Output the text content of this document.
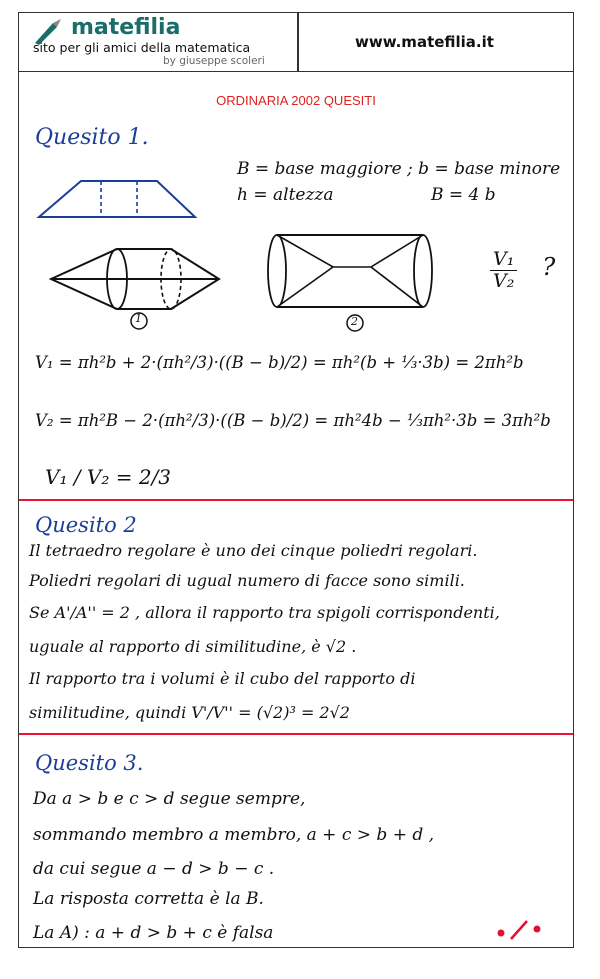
matefilia
sito per gli amici della matematica
by giuseppe scoleri
www.matefilia.it
ORDINARIA 2002 QUESITI
Quesito 1.
B = base maggiore ; b = base minore
h = altezza	B = 4 b
1	2
$\frac{\text{V₁}}{\text{V₂}}$ ?
V₁ = πh²b + 2·(πh²/3)·((B − b)/2) = πh²(b + ⅓·3b) = 2πh²b
V₂ = πh²B − 2·(πh²/3)·((B − b)/2) = πh²4b − ⅓πh²·3b = 3πh²b
V₁ / V₂ = 2/3
Quesito 2
Il tetraedro regolare è uno dei cinque poliedri regolari.
Poliedri regolari di ugual numero di facce sono simili.
Se A'/A'' = 2 , allora il rapporto tra spigoli corrispondenti,
uguale al rapporto di similitudine, è √2 .
Il rapporto tra i volumi è il cubo del rapporto di
similitudine, quindi V'/V'' = (√2)³ = 2√2
Quesito 3.
Da a > b e c > d segue sempre,
sommando membro a membro, a + c > b + d ,
da cui segue a − d > b − c .
La risposta corretta è la B.
La A) : a + d > b + c è falsa
